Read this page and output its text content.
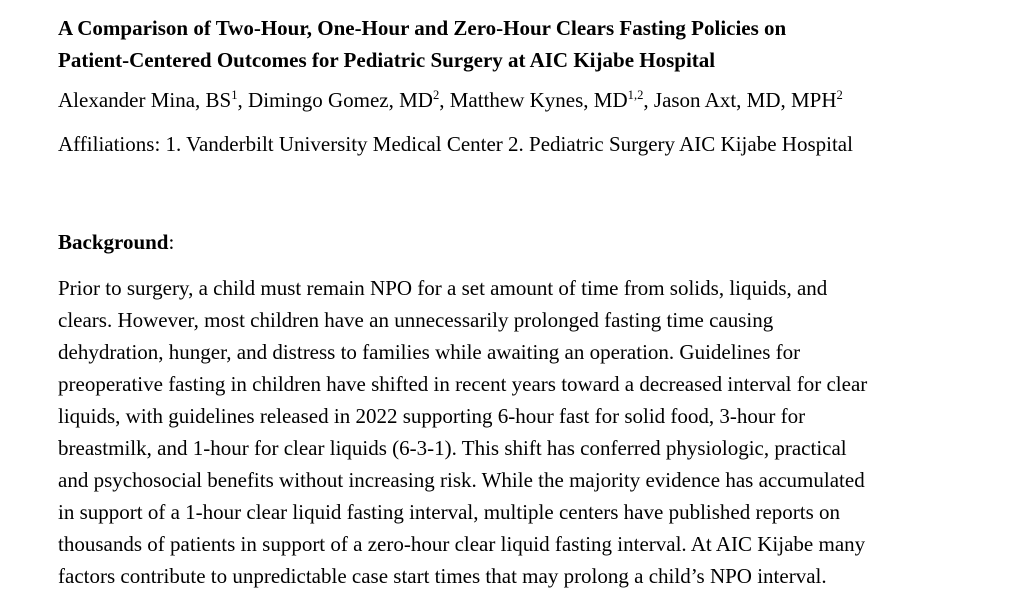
A Comparison of Two-Hour, One-Hour and Zero-Hour Clears Fasting Policies on
Patient-Centered Outcomes for Pediatric Surgery at AIC Kijabe Hospital
Alexander Mina, $BS^1$, Dimingo Gomez, $MD^2$, Matthew Kynes, MD$^{1,2}$, Jason Axt, MD, MPH$^2$
Affiliations: 1. Vanderbilt University Medical Center 2. Pediatric Surgery AIC Kijabe Hospital
Background:
Prior to surgery, a child must remain NPO for a set amount of time from solids, liquids, and
clears. However, most children have an unnecessarily prolonged fasting time causing
dehydration, hunger, and distress to families while awaiting an operation. Guidelines for
preoperative fasting in children have shifted in recent years toward a decreased interval for clear
liquids, with guidelines released in 2022 supporting 6-hour fast for solid food, 3-hour for
breastmilk, and 1-hour for clear liquids (6-3-1). This shift has conferred physiologic, practical
and psychosocial benefits without increasing risk. While the majority evidence has accumulated
in support of a 1-hour clear liquid fasting interval, multiple centers have published reports on
thousands of patients in support of a zero-hour clear liquid fasting interval. At AIC Kijabe many
factors contribute to unpredictable case start times that may prolong a child’s NPO interval.
